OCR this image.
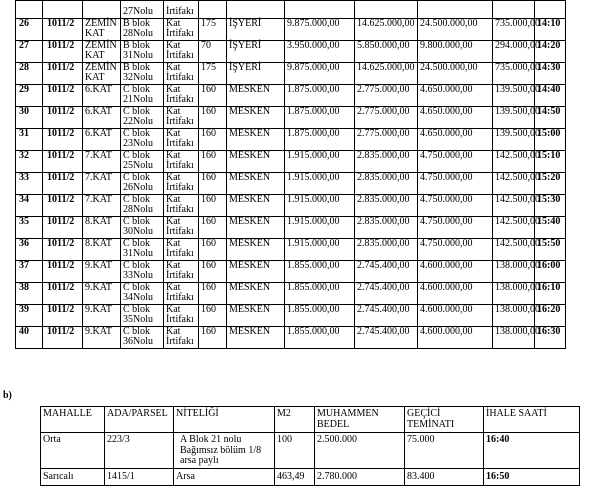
			27Nolu	İrtifakı							
26	1011/2	ZEMİN KAT	B blok 28Nolu	Kat İrtifakı	175	İŞYERİ	9.875.000,00	14.625.000,00	24.500.000,00	735.000,00	14:10
27	1011/2	ZEMİN KAT	B blok 31Nolu	Kat İrtifakı	70	İŞYERİ	3.950.000,00	5.850.000,00	9.800.000,00	294.000,00	14:20
28	1011/2	ZEMİN KAT	B blok 32Nolu	Kat İrtifakı	175	İŞYERİ	9.875.000,00	14.625.000,00	24.500.000,00	735.000,00	14:30
29	1011/2	6.KAT	C blok 21Nolu	Kat İrtifakı	160	MESKEN	1.875.000,00	2.775.000,00	4.650.000,00	139.500,00	14:40
30	1011/2	6.KAT	C blok 22Nolu	Kat İrtifakı	160	MESKEN	1.875.000,00	2.775.000,00	4.650.000,00	139.500,00	14:50
31	1011/2	6.KAT	C blok 23Nolu	Kat İrtifakı	160	MESKEN	1.875.000,00	2.775.000,00	4.650.000,00	139.500,00	15:00
32	1011/2	7.KAT	C blok 25Nolu	Kat İrtifakı	160	MESKEN	1.915.000,00	2.835.000,00	4.750.000,00	142.500,00	15:10
33	1011/2	7.KAT	C blok 26Nolu	Kat İrtifakı	160	MESKEN	1.915.000,00	2.835.000,00	4.750.000,00	142.500,00	15:20
34	1011/2	7.KAT	C blok 28Nolu	Kat İrtifakı	160	MESKEN	1.915.000,00	2.835.000,00	4.750.000,00	142.500,00	15:30
35	1011/2	8.KAT	C blok 30Nolu	Kat İrtifakı	160	MESKEN	1.915.000,00	2.835.000,00	4.750.000,00	142.500,00	15:40
36	1011/2	8.KAT	C blok 31Nolu	Kat İrtifakı	160	MESKEN	1.915.000,00	2.835.000,00	4.750.000,00	142.500,00	15:50
37	1011/2	9.KAT	C blok 33Nolu	Kat İrtifakı	160	MESKEN	1.855.000,00	2.745.400,00	4.600.000,00	138.000,00	16:00
38	1011/2	9.KAT	C blok 34Nolu	Kat İrtifakı	160	MESKEN	1.855.000,00	2.745.400,00	4.600.000,00	138.000,00	16:10
39	1011/2	9.KAT	C blok 35Nolu	Kat İrtifakı	160	MESKEN	1.855.000,00	2.745.400,00	4.600.000,00	138.000,00	16:20
40	1011/2	9.KAT	C blok 36Nolu	Kat İrtifakı	160	MESKEN	1.855.000,00	2.745.400,00	4.600.000,00	138.000,00	16:30
b)
MAHALLE	ADA/PARSEL	NİTELİĞİ	M2	MUHAMMEN BEDEL	GEÇİCİ TEMİNATI	İHALE SAATİ
Orta	223/3	A Blok 21 nolu Bağımsız bölüm 1/8 arsa paylı	100	2.500.000	75.000	16:40
Sarıcalı	1415/1	Arsa	463,49	2.780.000	83.400	16:50
